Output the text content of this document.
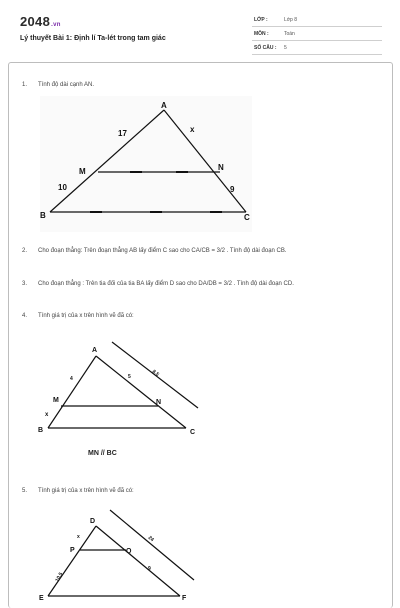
2048.vn
Lý thuyết Bài 1: Định lí Ta-lét trong tam giác
LỚP :	Lớp 8
MÔN :	Toán
SỐ CÂU : 5
1. Tính độ dài cạnh AN.
A
M	N
B	C
17	x
10	9
2. Cho đoạn thẳng: Trên đoạn thẳng AB lấy điểm C sao cho CA/CB = 3/2 . Tính độ dài đoạn CB.
3. Cho đoạn thẳng : Trên tia đối của tia BA lấy điểm D sao cho DA/DB = 3/2 . Tính độ dài đoạn CD.
4. Tính giá trị của x trên hình vẽ đã có:
A
M	N
B	C
4	5
x
8,5
MN // BC
5. Tính giá trị của x trên hình vẽ đã có:
D
P	Q
E	F
x
10,5
9
24
